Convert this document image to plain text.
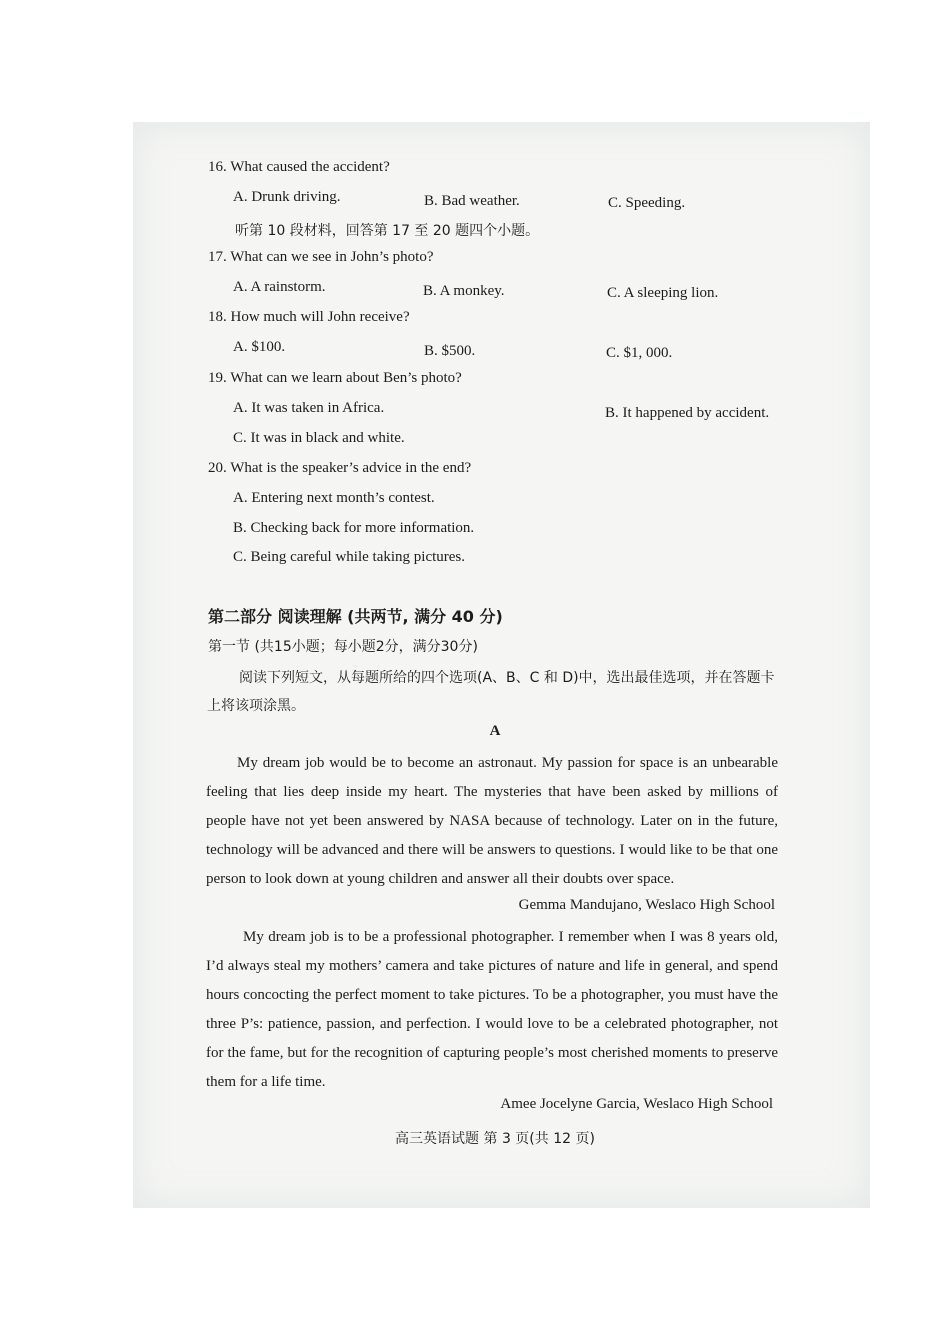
16. What caused the accident?
A. Drunk driving.	B. Bad weather.	C. Speeding.
听第 10 段材料，回答第 17 至 20 题四个小题。
17. What can we see in John’s photo?
A. A rainstorm.	B. A monkey.	C. A sleeping lion.
18. How much will John receive?
A. $100.	B. $500.	C. $1, 000.
19. What can we learn about Ben’s photo?
A. It was taken in Africa.	B. It happened by accident.
C. It was in black and white.
20. What is the speaker’s advice in the end?
A. Entering next month’s contest.
B. Checking back for more information.
C. Being careful while taking pictures.
第二部分 阅读理解 (共两节, 满分 40 分)
第一节 (共15小题；每小题2分，满分30分)
阅读下列短文，从每题所给的四个选项(A、B、C 和 D)中，选出最佳选项，并在答题卡上将该项涂黑。
A
My dream job would be to become an astronaut. My passion for space is an unbearable feeling that lies deep inside my heart. The mysteries that have been asked by millions of people have not yet been answered by NASA because of technology. Later on in the future, technology will be advanced and there will be answers to questions. I would like to be that one person to look down at young children and answer all their doubts over space.
Gemma Mandujano, Weslaco High School
My dream job is to be a professional photographer. I remember when I was 8 years old, I’d always steal my mothers’ camera and take pictures of nature and life in general, and spend hours concocting the perfect moment to take pictures. To be a photographer, you must have the three P’s: patience, passion, and perfection. I would love to be a celebrated photographer, not for the fame, but for the recognition of capturing people’s most cherished moments to preserve them for a life time.
Amee Jocelyne Garcia, Weslaco High School
高三英语试题 第 3 页(共 12 页)
